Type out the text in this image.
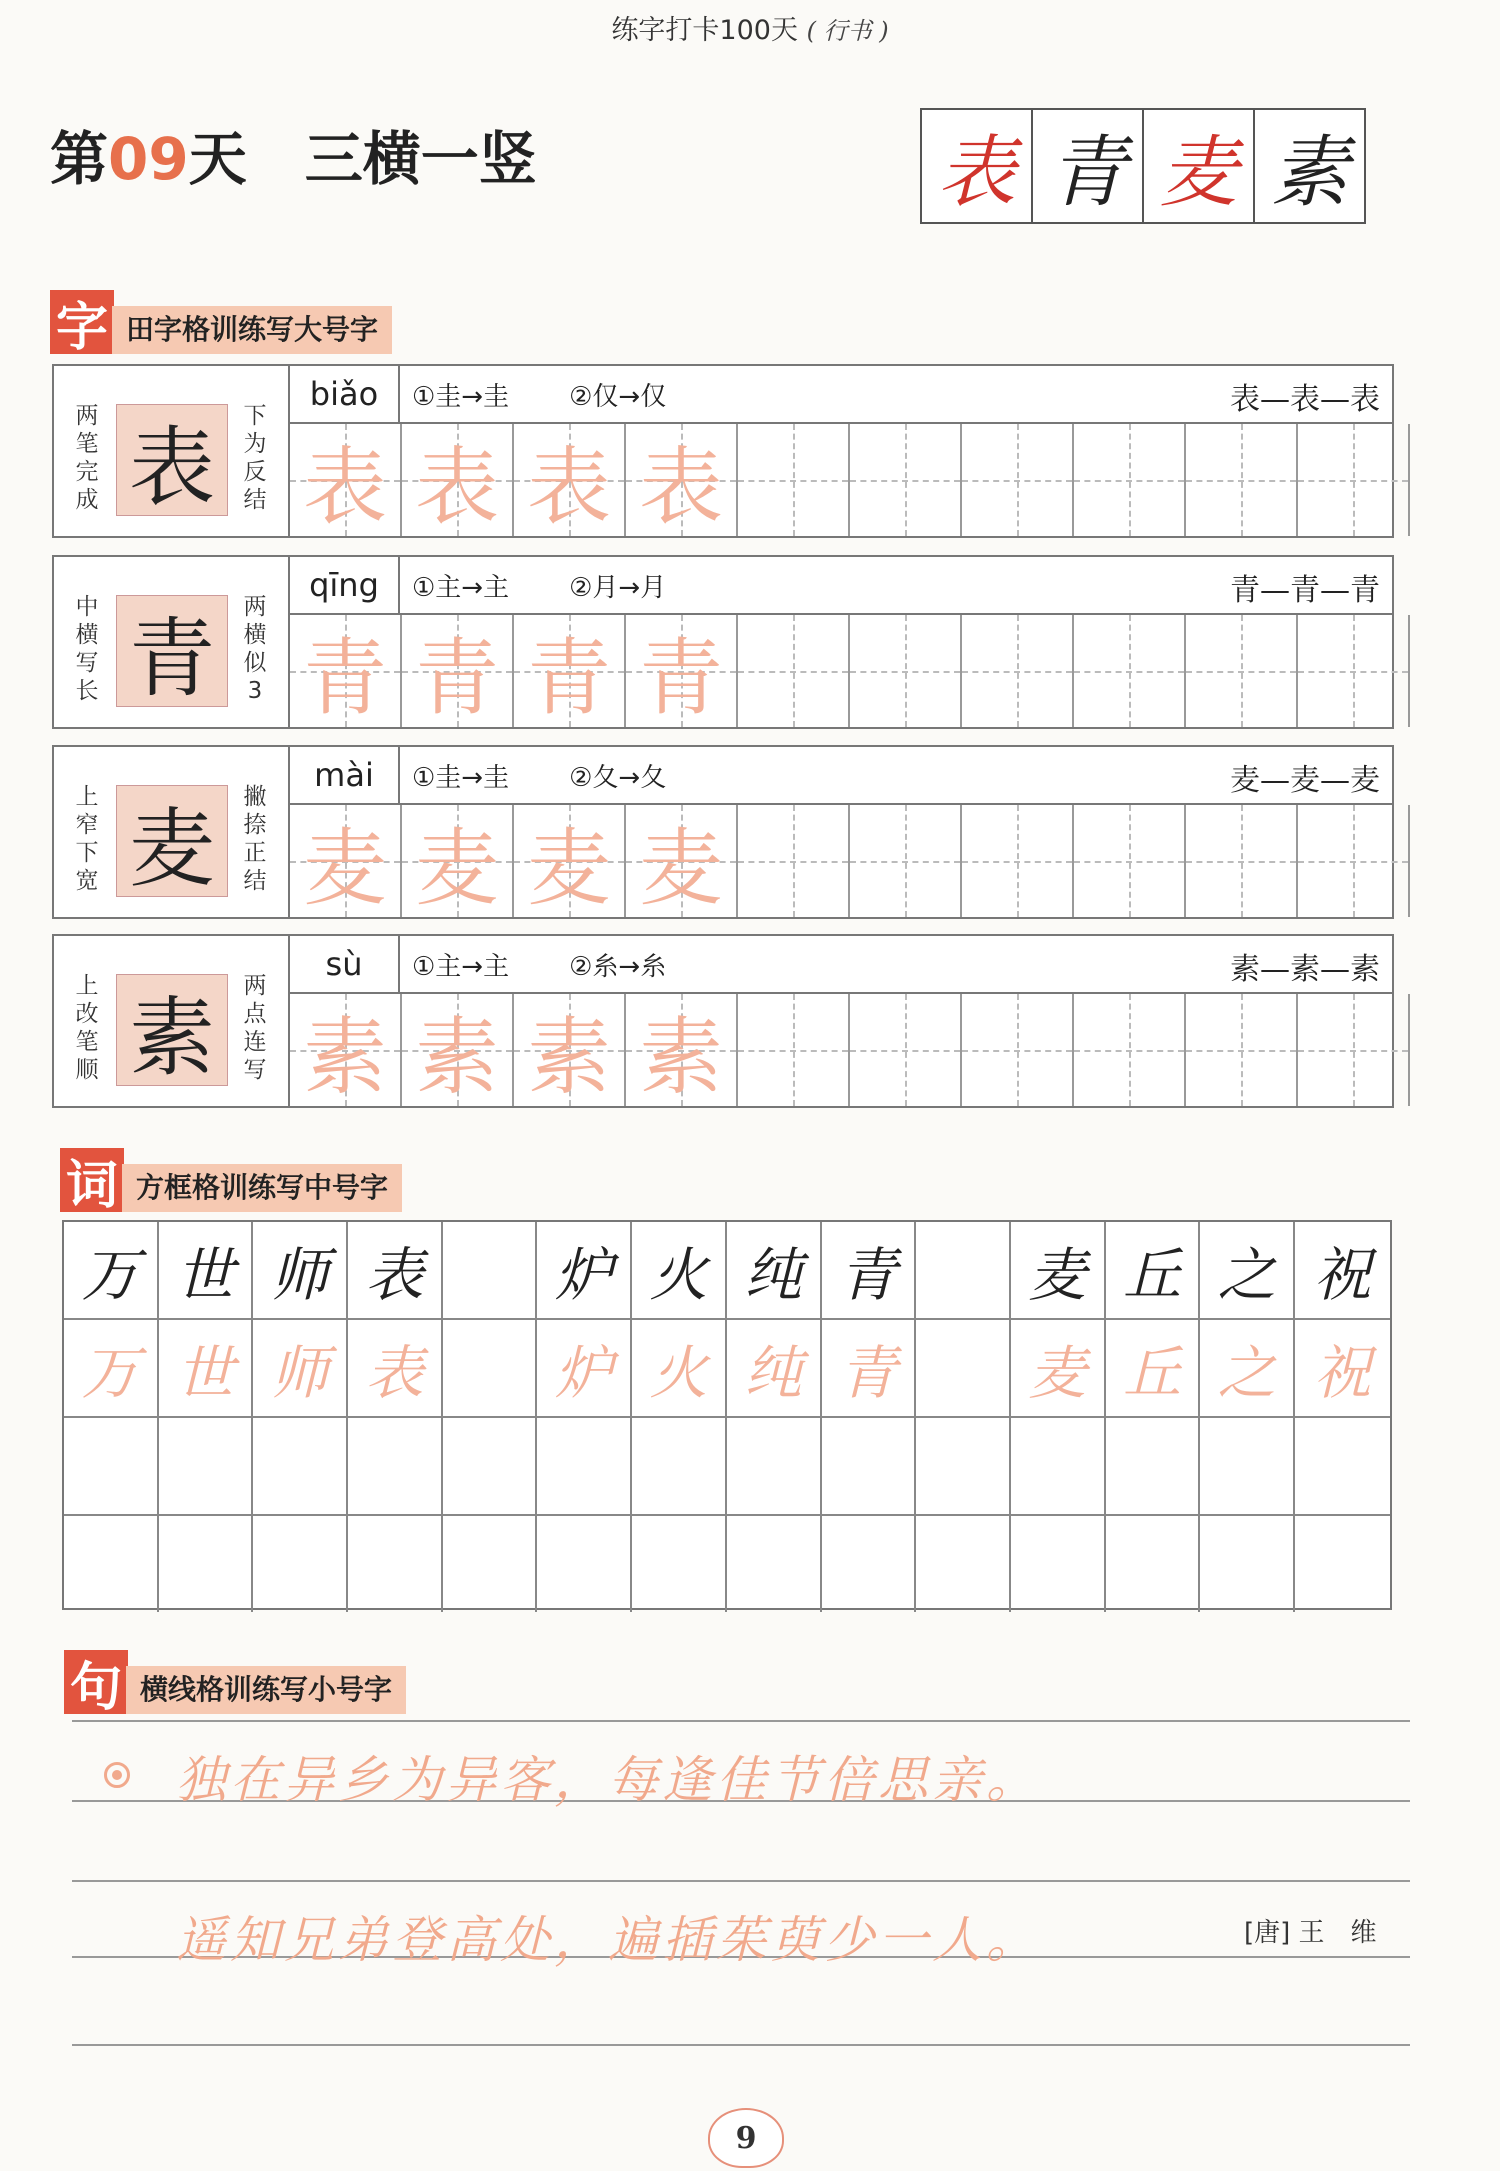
练字打卡100天 ( 行书 )
第09天 三横一竖	表 青 麦 素
字 田字格训练写大号字
两
笔
完
成 表
下
为
反
结
biǎo	①圭→圭 ②仅→仅	表—表—表
表 表 表 表
中
横
写
长 青
两
横
似
3
qīng	①主→主 ②月→月	青—青—青
青 青 青 青
上
窄
下
宽 麦
撇
捺
正
结
mài	①圭→圭 ②夂→夂	麦—麦—麦
麦 麦 麦 麦
上
改
笔
顺 素
两
点
连
写
sù	①主→主 ②糸→糸	素—素—素
素 素 素 素
词 方框格训练写中号字
万 世 师 表	炉 火 纯 青	麦 丘 之 祝
万 世 师 表	炉 火 纯 青	麦 丘 之 祝
句 横线格训练写小号字
独在异乡为异客，每逢佳节倍思亲。
遥知兄弟登高处，遍插茱萸少一人。	[唐] 王　维
9
